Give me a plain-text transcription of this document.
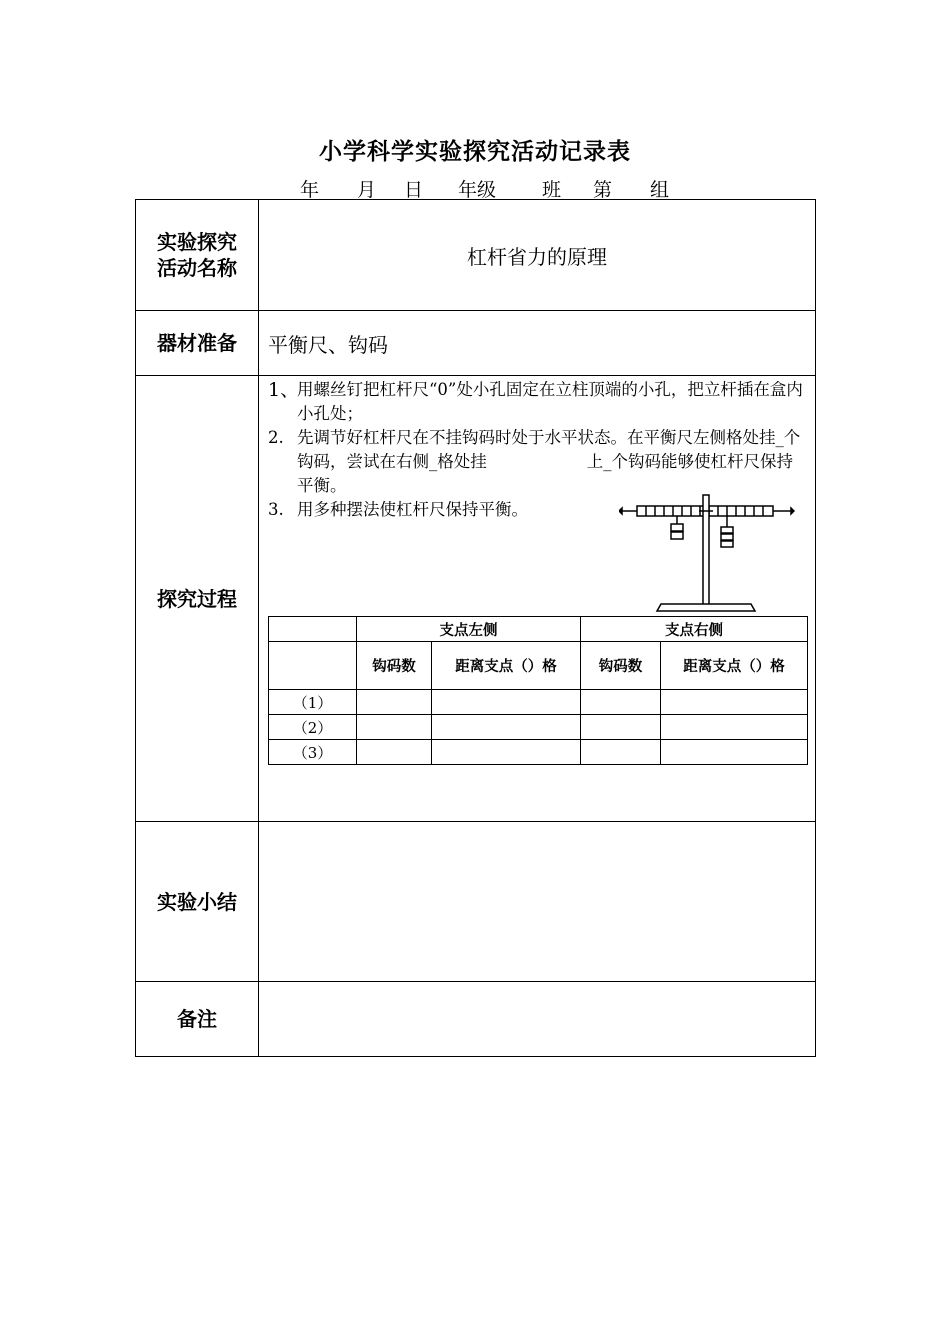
小学科学实验探究活动记录表
年 月 日 年级 班 第 组
实验探究
活动名称	杠杆省力的原理
器材准备	平衡尺、钩码
探究过程	
1、
用螺丝钉把杠杆尺“0”处小孔固定在立柱顶端的小孔，把立杆插在盒内小孔处；
2. 先调节好杠杆尺在不挂钩码时处于水平状态。在平衡尺左侧格处挂_个钩码，尝试在右侧_格处挂	上_个钩码能够使杠杆尺保持平衡。
3. 用多种摆法使杠杆尺保持平衡。
	支点左侧	支点右侧
	钩码数	距离支点（）格	钩码数	距离支点（）格
（1）				
（2）				
（3）				

实验小结	
备注	
